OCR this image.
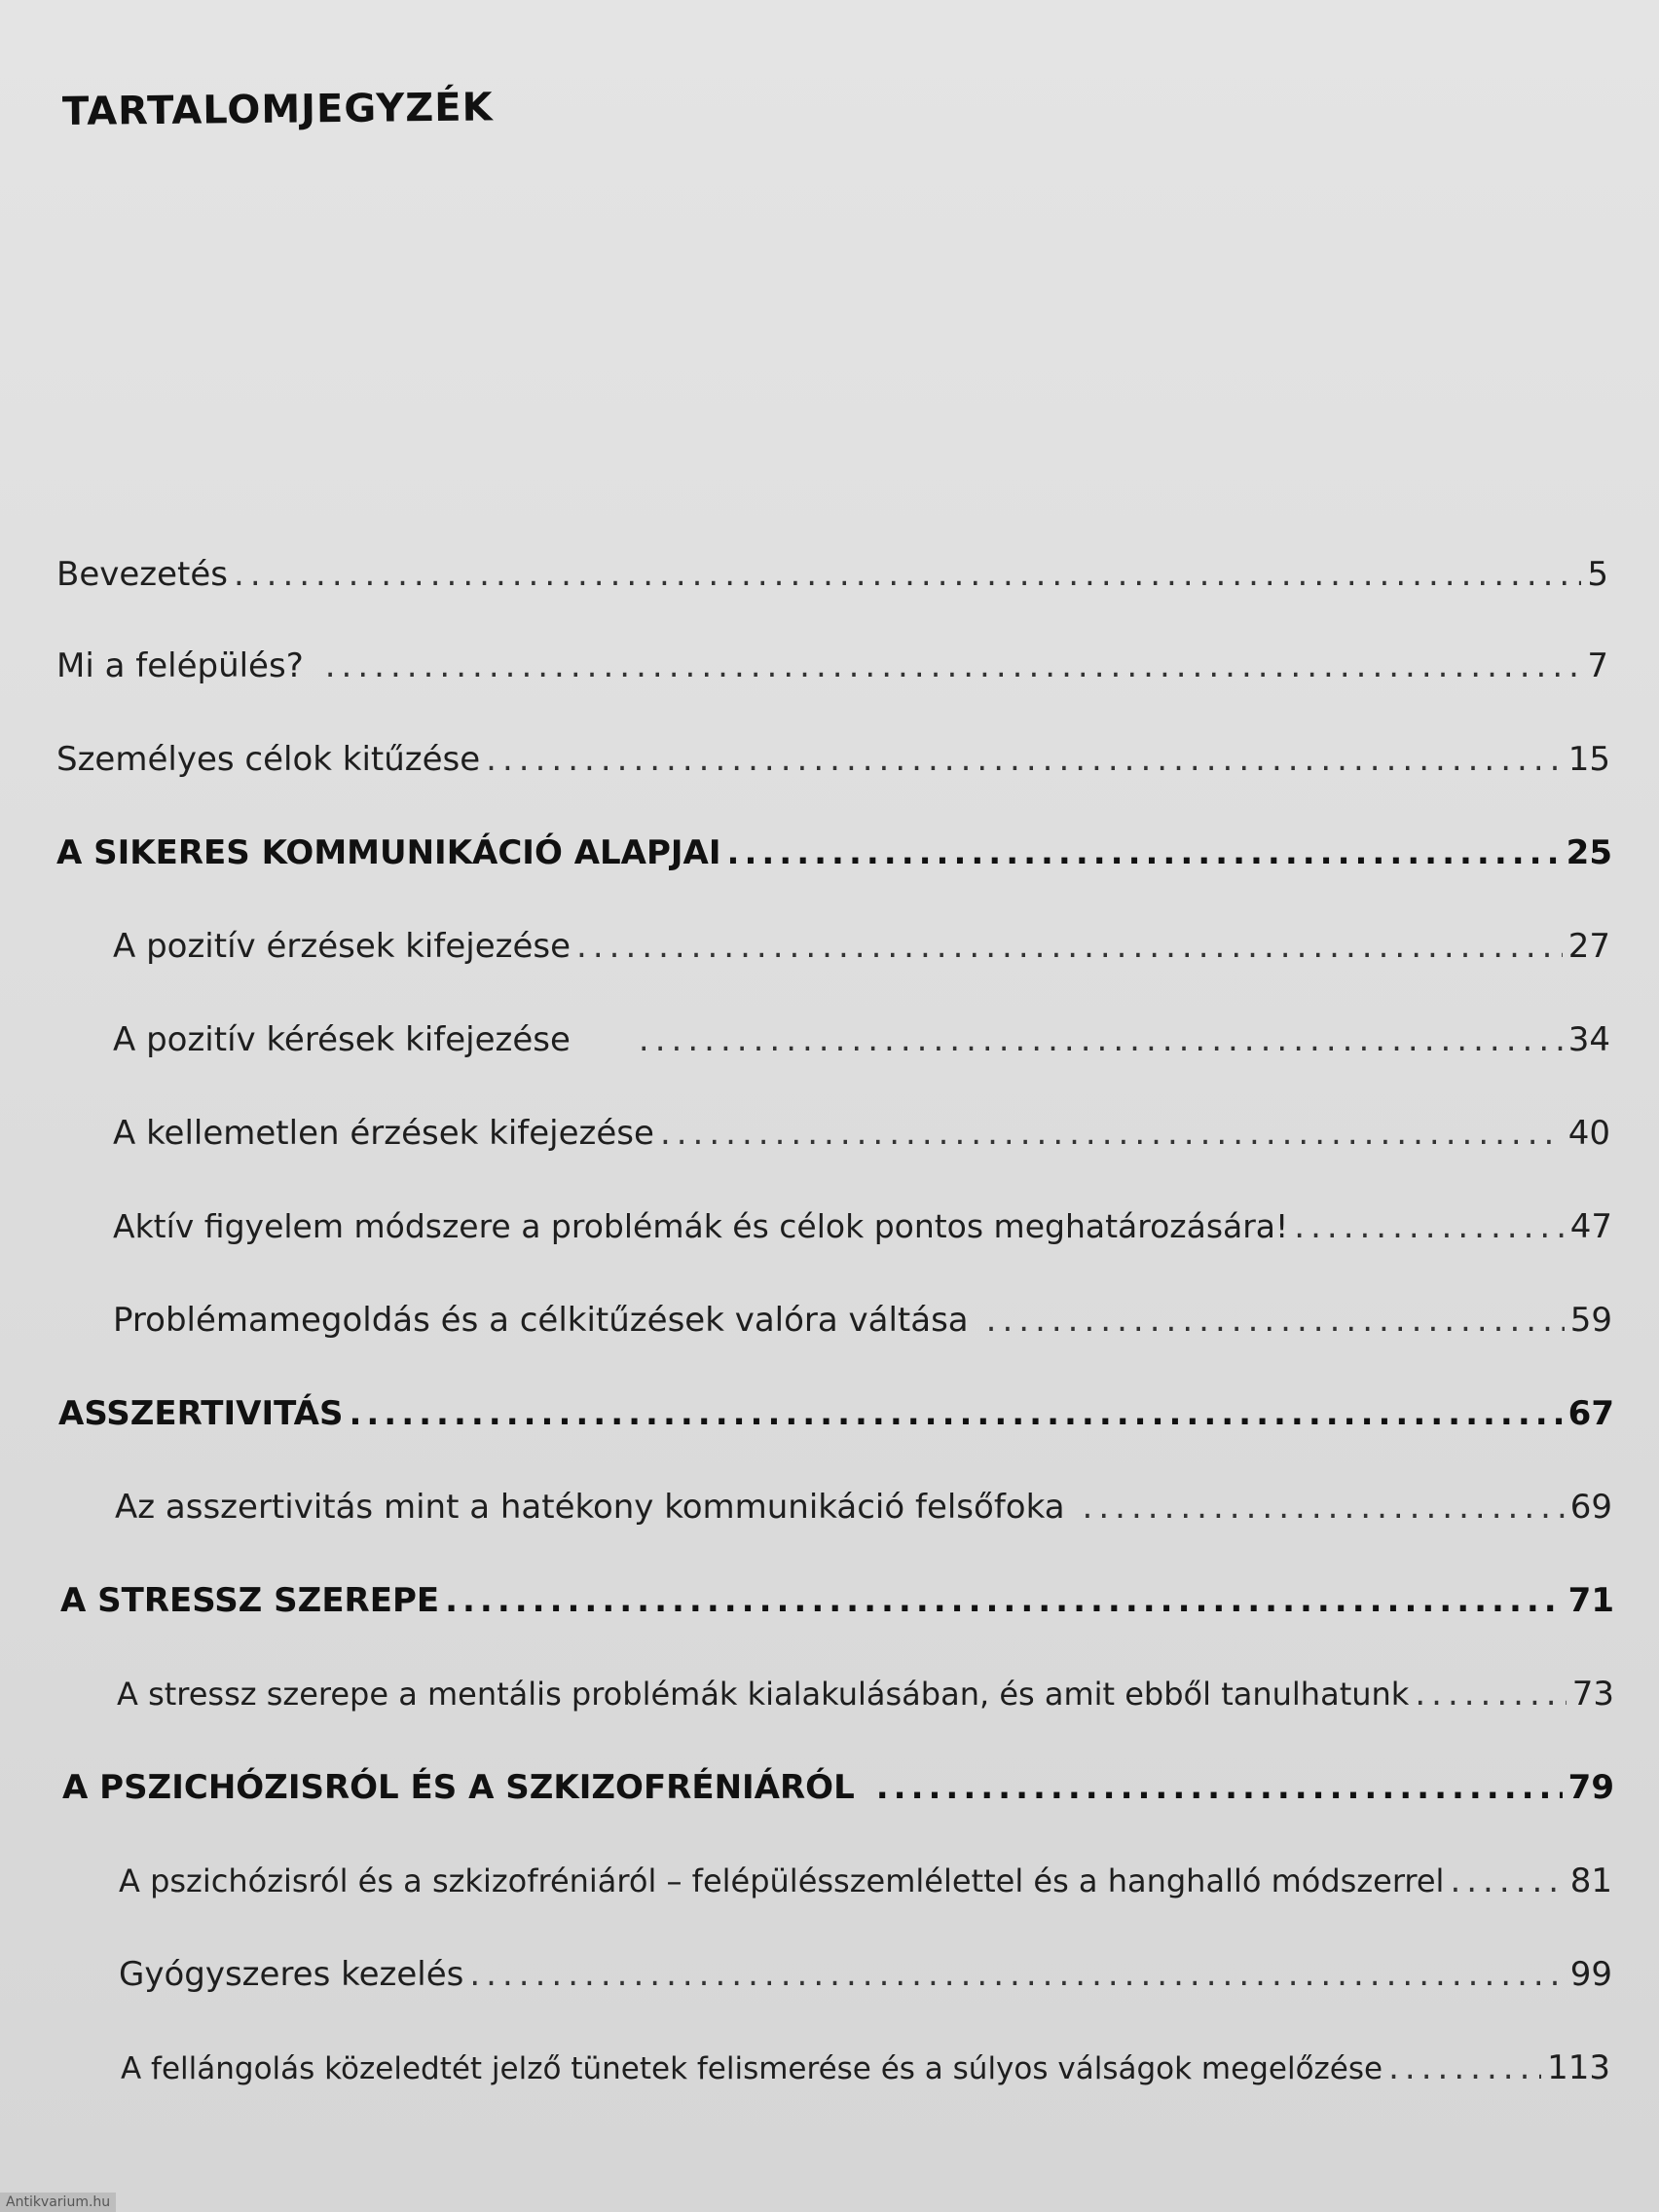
TARTALOMJEGYZÉK
Bevezetés .....	5
Mi a felépülés? .....	7
Személyes célok kitűzése .....	15
A SIKERES KOMMUNIKÁCIÓ ALAPJAI .....	25
A pozitív érzések kifejezése .....	27
A pozitív kérések kifejezése .....	34
A kellemetlen érzések kifejezése .....	40
Aktív figyelem módszere a problémák és célok pontos meghatározására! .....	47
Problémamegoldás és a célkitűzések valóra váltása .....	59
ASSZERTIVITÁS .....	67
Az asszertivitás mint a hatékony kommunikáció felsőfoka .....	69
A STRESSZ SZEREPE .....	71
A stressz szerepe a mentális problémák kialakulásában, és amit ebből tanulhatunk .....	73
A PSZICHÓZISRÓL ÉS A SZKIZOFRÉNIÁRÓL .....	79
A pszichózisról és a szkizofréniáról – felépülésszemlélettel és a hanghalló módszerrel .....	81
Gyógyszeres kezelés .....	99
A fellángolás közeledtét jelző tünetek felismerése és a súlyos válságok megelőzése .....	113
Antikvarium.hu
